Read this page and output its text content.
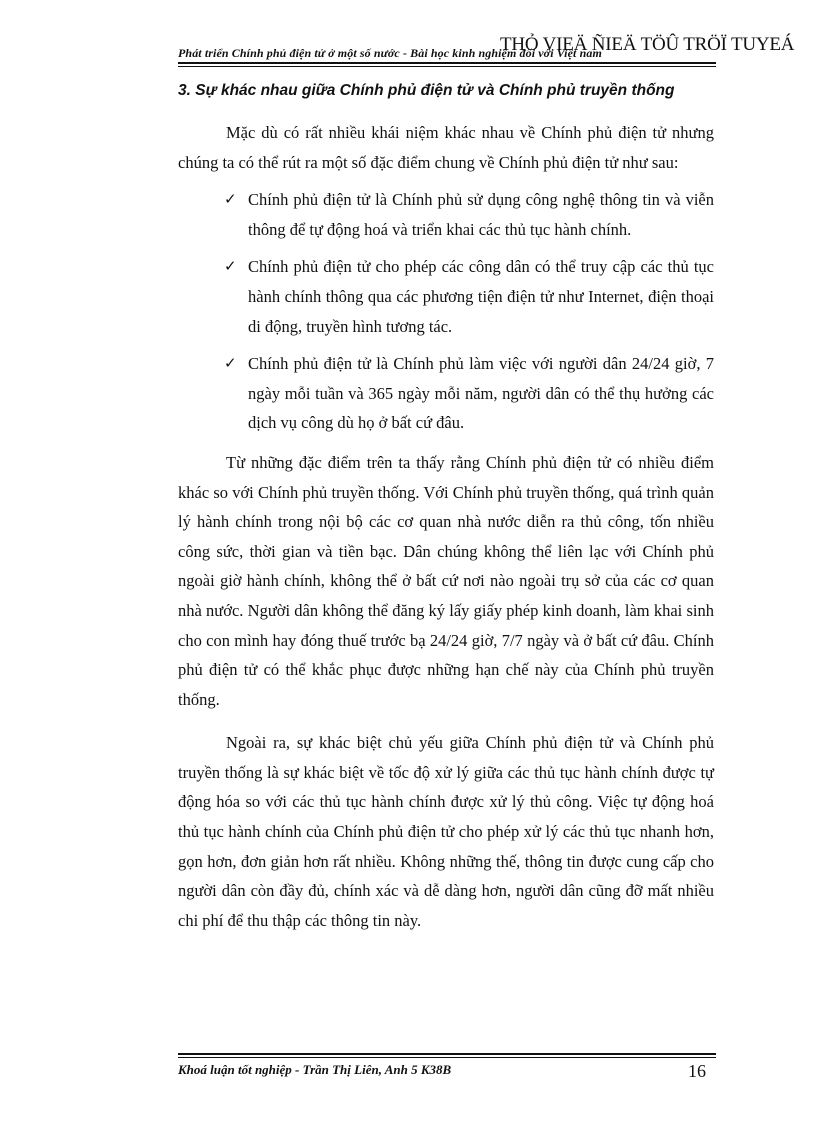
Phát triển Chính phủ điện tử ở một số nước - Bài học kinh nghiệm đối với Việt nam
THỎ VIEÄ ÑIEÄ TÖÛ TRÖÏ TUYEÁ
3. Sự khác nhau giữa Chính phủ điện tử và Chính phủ truyền thống

Mặc dù có rất nhiều khái niệm khác nhau về Chính phủ điện tử nhưng chúng ta có thể rút ra một số đặc điểm chung về Chính phủ điện tử như sau:

✓ Chính phủ điện tử là Chính phủ sử dụng công nghệ thông tin và viễn thông để tự động hoá và triển khai các thủ tục hành chính.
✓ Chính phủ điện tử cho phép các công dân có thể truy cập các thủ tục hành chính thông qua các phương tiện điện tử như Internet, điện thoại di động, truyền hình tương tác.
✓ Chính phủ điện tử là Chính phủ làm việc với người dân 24/24 giờ, 7 ngày mỗi tuần và 365 ngày mỗi năm, người dân có thể thụ hưởng các dịch vụ công dù họ ở bất cứ đâu.

Từ những đặc điểm trên ta thấy rằng Chính phủ điện tử có nhiều điểm khác so với Chính phủ truyền thống. Với Chính phủ truyền thống, quá trình quản lý hành chính trong nội bộ các cơ quan nhà nước diễn ra thủ công, tốn nhiều công sức, thời gian và tiền bạc. Dân chúng không thể liên lạc với Chính phủ ngoài giờ hành chính, không thể ở bất cứ nơi nào ngoài trụ sở của các cơ quan nhà nước. Người dân không thể đăng ký lấy giấy phép kinh doanh, làm khai sinh cho con mình hay đóng thuế trước bạ 24/24 giờ, 7/7 ngày và ở bất cứ đâu. Chính phủ điện tử có thể khắc phục được những hạn chế này của Chính phủ truyền thống.

Ngoài ra, sự khác biệt chủ yếu giữa Chính phủ điện tử và Chính phủ truyền thống là sự khác biệt về tốc độ xử lý giữa các thủ tục hành chính được tự động hóa so với các thủ tục hành chính được xử lý thủ công. Việc tự động hoá thủ tục hành chính của Chính phủ điện tử cho phép xử lý các thủ tục nhanh hơn, gọn hơn, đơn giản hơn rất nhiều. Không những thế, thông tin được cung cấp cho người dân còn đầy đủ, chính xác và dễ dàng hơn, người dân cũng đỡ mất nhiều chi phí để thu thập các thông tin này.

Khoá luận tốt nghiệp - Trần Thị Liên, Anh 5 K38B	16
